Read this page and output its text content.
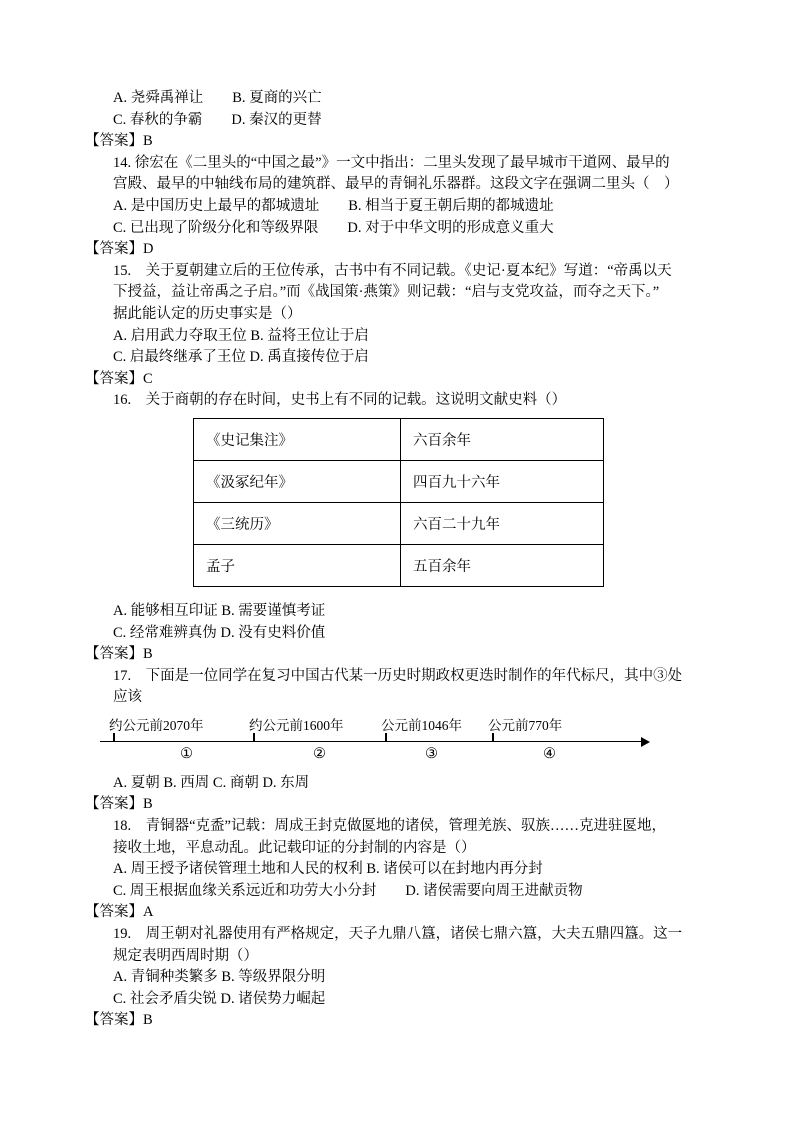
A. 尧舜禹禅让　　B. 夏商的兴亡
C. 春秋的争霸　　D. 秦汉的更替
【答案】B
14. 徐宏在《二里头的“中国之最”》一文中指出：二里头发现了最早城市干道网、最早的
宫殿、最早的中轴线布局的建筑群、最早的青铜礼乐器群。这段文字在强调二里头（　）
A. 是中国历史上最早的都城遗址　　B. 相当于夏王朝后期的都城遗址
C. 已出现了阶级分化和等级界限　　D. 对于中华文明的形成意义重大
【答案】D
15.　关于夏朝建立后的王位传承，古书中有不同记载。《史记·夏本纪》写道：“帝禹以天
下授益，益让帝禹之子启。”而《战国策·燕策》则记载：“启与支党攻益，而夺之天下。”
据此能认定的历史事实是（）
A. 启用武力夺取王位 B. 益将王位让于启
C. 启最终继承了王位 D. 禹直接传位于启
【答案】C
16.　关于商朝的存在时间，史书上有不同的记载。这说明文献史料（）
《史记集注》	六百余年
《汲冢纪年》	四百九十六年
《三统历》	六百二十九年
孟子	五百余年
A. 能够相互印证 B. 需要谨慎考证
C. 经常难辨真伪 D. 没有史料价值
【答案】B
17.　下面是一位同学在复习中国古代某一历史时期政权更迭时制作的年代标尺，其中③处
应该
约公元前2070年	约公元前1600年	公元前1046年 公元前770年
①	②	③	④
A. 夏朝 B. 西周 C. 商朝 D. 东周
【答案】B
18.　青铜器“克盉”记载：周成王封克做匽地的诸侯，管理羌族、驭族……克进驻匽地，
接收土地，平息动乱。此记载印证的分封制的内容是（）
A. 周王授予诸侯管理土地和人民的权利 B. 诸侯可以在封地内再分封
C. 周王根据血缘关系远近和功劳大小分封　　D. 诸侯需要向周王进献贡物
【答案】A
19.　周王朝对礼器使用有严格规定，天子九鼎八簋，诸侯七鼎六簋，大夫五鼎四簋。这一
规定表明西周时期（）
A. 青铜种类繁多 B. 等级界限分明
C. 社会矛盾尖锐 D. 诸侯势力崛起
【答案】B
